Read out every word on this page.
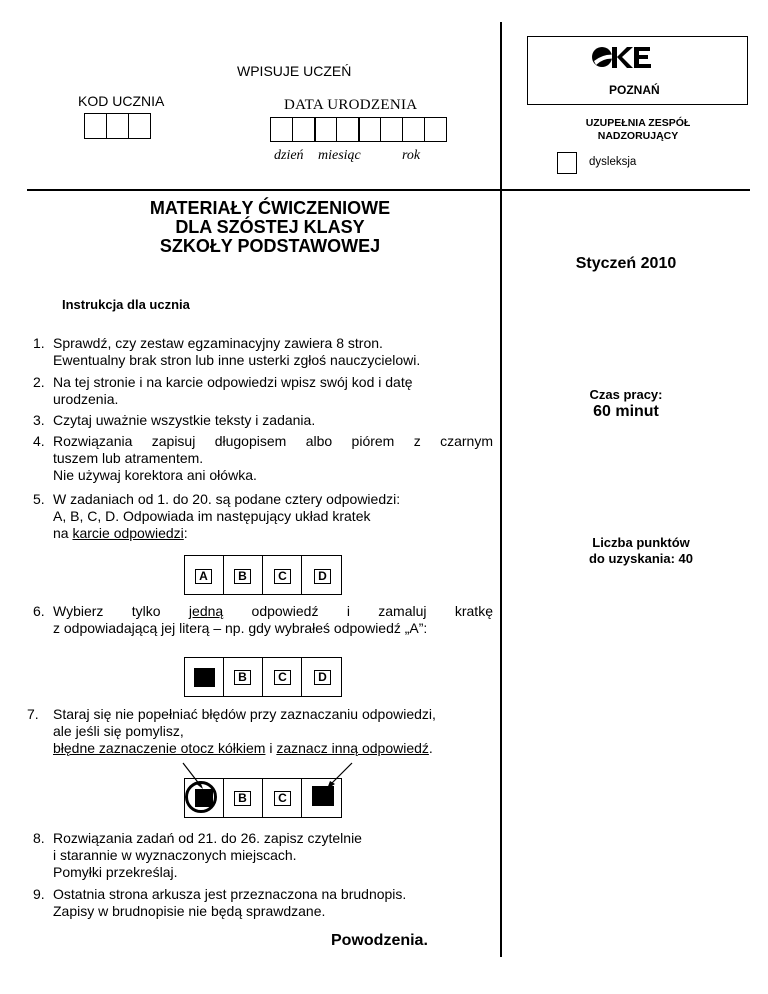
WPISUJE UCZEŃ
KOD UCZNIA	DATA URODZENIA
dzień miesiąc	rok
POZNAŃ
UZUPEŁNIA ZESPÓŁ
NADZORUJĄCY
dysleksja
Styczeń 2010
Czas pracy:
60 minut
Liczba punktów
do uzyskania: 40
MATERIAŁY ĆWICZENIOWE
DLA SZÓSTEJ KLASY
SZKOŁY PODSTAWOWEJ
Instrukcja dla ucznia
1. Sprawdź, czy zestaw egzaminacyjny zawiera 8 stron.
Ewentualny brak stron lub inne usterki zgłoś nauczycielowi.
2. Na tej stronie i na karcie odpowiedzi wpisz swój kod i datę
urodzenia.
3. Czytaj uważnie wszystkie teksty i zadania.
4. Rozwiązania zapisuj długopisem albo piórem z czarnym
tuszem lub atramentem.
Nie używaj korektora ani ołówka.
5. W zadaniach od 1. do 20. są podane cztery odpowiedzi:
A, B, C, D. Odpowiada im następujący układ kratek
na karcie odpowiedzi:
A	B	C	D
6. Wybierz tylko jedną odpowiedź i zamaluj kratkę
z odpowiadającą jej literą – np. gdy wybrałeś odpowiedź „A”:
B	C	D
7. Staraj się nie popełniać błędów przy zaznaczaniu odpowiedzi,
ale jeśli się pomylisz,
błędne zaznaczenie otocz kółkiem i zaznacz inną odpowiedź.
B	C
8. Rozwiązania zadań od 21. do 26. zapisz czytelnie
i starannie w wyznaczonych miejscach.
Pomyłki przekreślaj.
9. Ostatnia strona arkusza jest przeznaczona na brudnopis.
Zapisy w brudnopisie nie będą sprawdzane.
Powodzenia.
